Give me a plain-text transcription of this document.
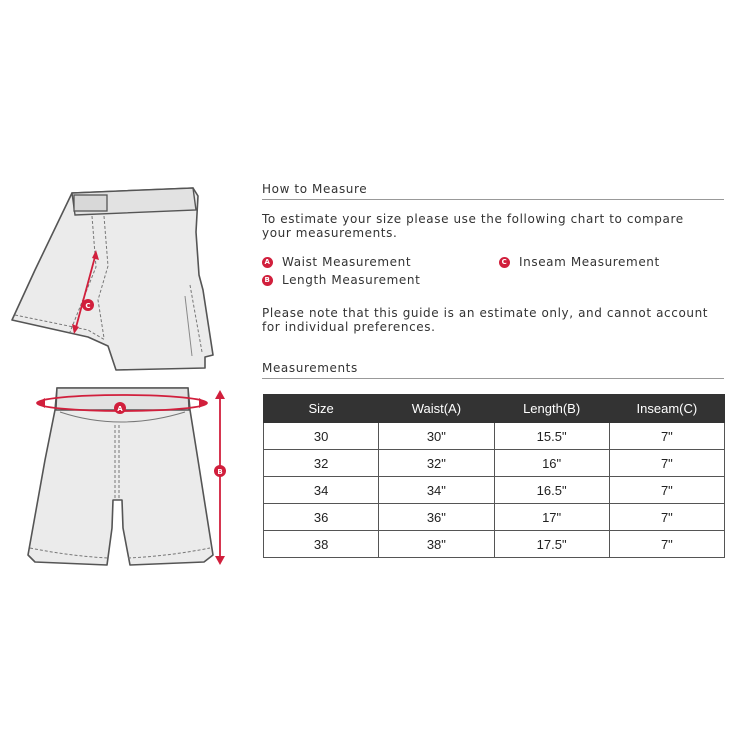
C
A
B
How to Measure
To estimate your size please use the following chart to compare
your measurements.
A Waist Measurement
B Length Measurement
C Inseam Measurement
Please note that this guide is an estimate only, and cannot account
for individual preferences.
Measurements
Size	Waist(A)	Length(B)	Inseam(C)
30	30"	15.5"	7"
32	32"	16"	7"
34	34"	16.5"	7"
36	36"	17"	7"
38	38"	17.5"	7"
